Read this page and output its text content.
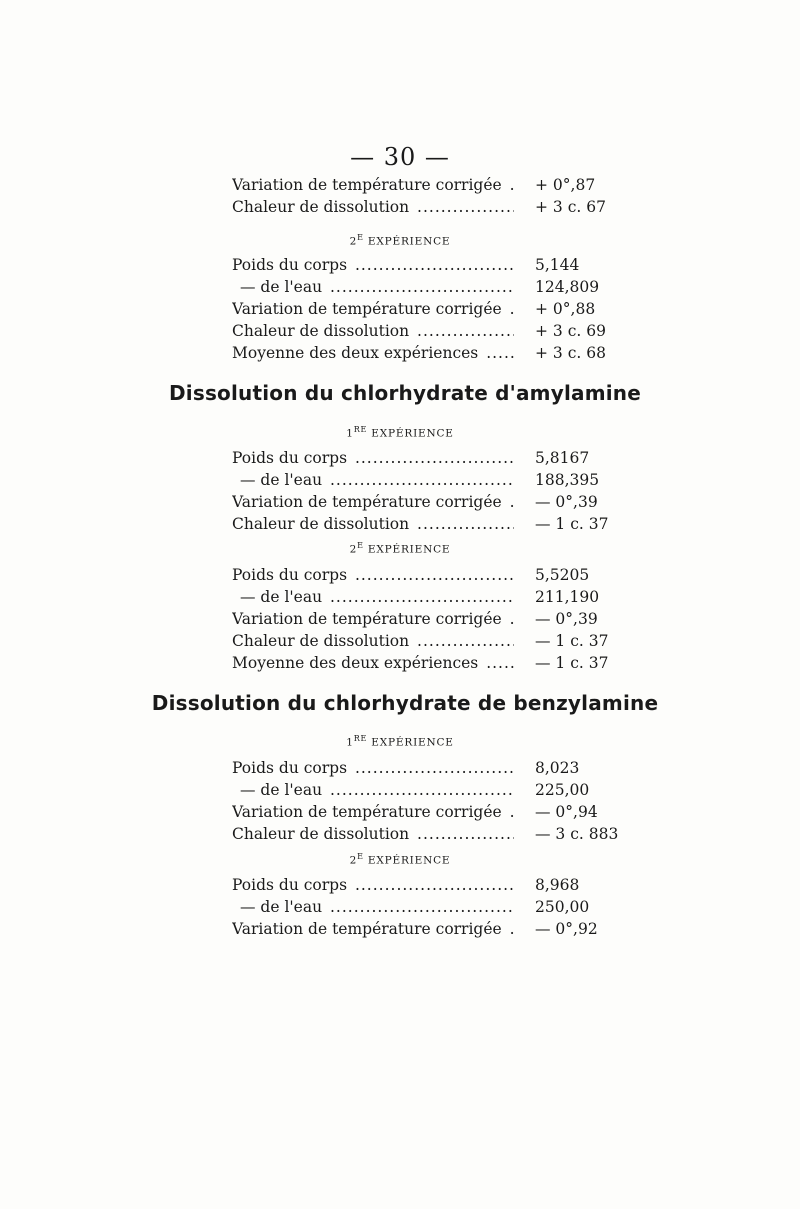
— 30 —
Variation de température corrigée .....	+ 0°,87
Chaleur de dissolution .....	+ 3 c. 67
$2^E$ EXPÉRIENCE
Poids du corps .....	5,144
— de l'eau .....	124,809
Variation de température corrigée .....	+ 0°,88
Chaleur de dissolution .....	+ 3 c. 69
Moyenne des deux expériences .....	+ 3 c. 68
Dissolution du chlorhydrate d'amylamine
1RE EXPÉRIENCE
Poids du corps .....	5,8167
— de l'eau .....	188,395
Variation de température corrigée .....	— 0°,39
Chaleur de dissolution .....	— 1 c. 37
$2^E$ EXPÉRIENCE
Poids du corps .....	5,5205
— de l'eau .....	211,190
Variation de température corrigée .....	— 0°,39
Chaleur de dissolution .....	— 1 c. 37
Moyenne des deux expériences .....	— 1 c. 37
Dissolution du chlorhydrate de benzylamine
1RE EXPÉRIENCE
Poids du corps .....	8,023
— de l'eau .....	225,00
Variation de température corrigée .....	— 0°,94
Chaleur de dissolution .....	— 3 c. 883
$2^E$ EXPÉRIENCE
Poids du corps .....	8,968
— de l'eau .....	250,00
Variation de température corrigée .....	— 0°,92
